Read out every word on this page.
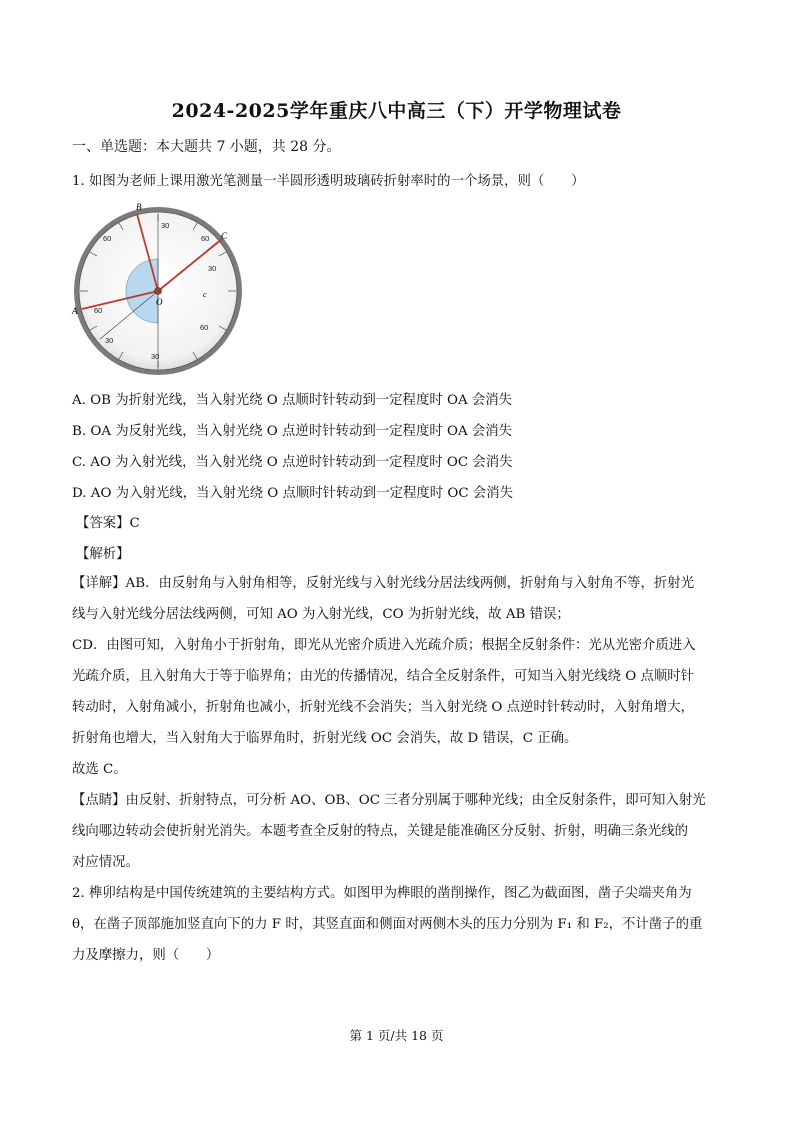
2024-2025学年重庆八中高三（下）开学物理试卷
一、单选题：本大题共 7 小题，共 28 分。
1. 如图为老师上课用激光笔测量一半圆形透明玻璃砖折射率时的一个场景，则（　　）
B
C
A
O
c
60
30
60
30
60
30
60
30
A. OB 为折射光线，当入射光绕 O 点顺时针转动到一定程度时 OA 会消失
B. OA 为反射光线，当入射光绕 O 点逆时针转动到一定程度时 OA 会消失
C. AO 为入射光线，当入射光绕 O 点逆时针转动到一定程度时 OC 会消失
D. AO 为入射光线，当入射光绕 O 点顺时针转动到一定程度时 OC 会消失
【答案】C
【解析】
【详解】AB．由反射角与入射角相等，反射光线与入射光线分居法线两侧，折射角与入射角不等，折射光
线与入射光线分居法线两侧，可知 AO 为入射光线，CO 为折射光线，故 AB 错误；
CD．由图可知，入射角小于折射角，即光从光密介质进入光疏介质；根据全反射条件：光从光密介质进入
光疏介质，且入射角大于等于临界角；由光的传播情况，结合全反射条件，可知当入射光线绕 O 点顺时针
转动时，入射角减小，折射角也减小，折射光线不会消失；当入射光绕 O 点逆时针转动时，入射角增大，
折射角也增大，当入射角大于临界角时，折射光线 OC 会消失，故 D 错误，C 正确。
故选 C。
【点睛】由反射、折射特点，可分析 AO、OB、OC 三者分别属于哪种光线；由全反射条件，即可知入射光
线向哪边转动会使折射光消失。本题考查全反射的特点，关键是能准确区分反射、折射，明确三条光线的
对应情况。
2. 榫卯结构是中国传统建筑的主要结构方式。如图甲为榫眼的凿削操作，图乙为截面图，凿子尖端夹角为
θ，在凿子顶部施加竖直向下的力 F 时，其竖直面和侧面对两侧木头的压力分别为 F₁ 和 F₂，不计凿子的重
力及摩擦力，则（　　）
第 1 页/共 18 页
